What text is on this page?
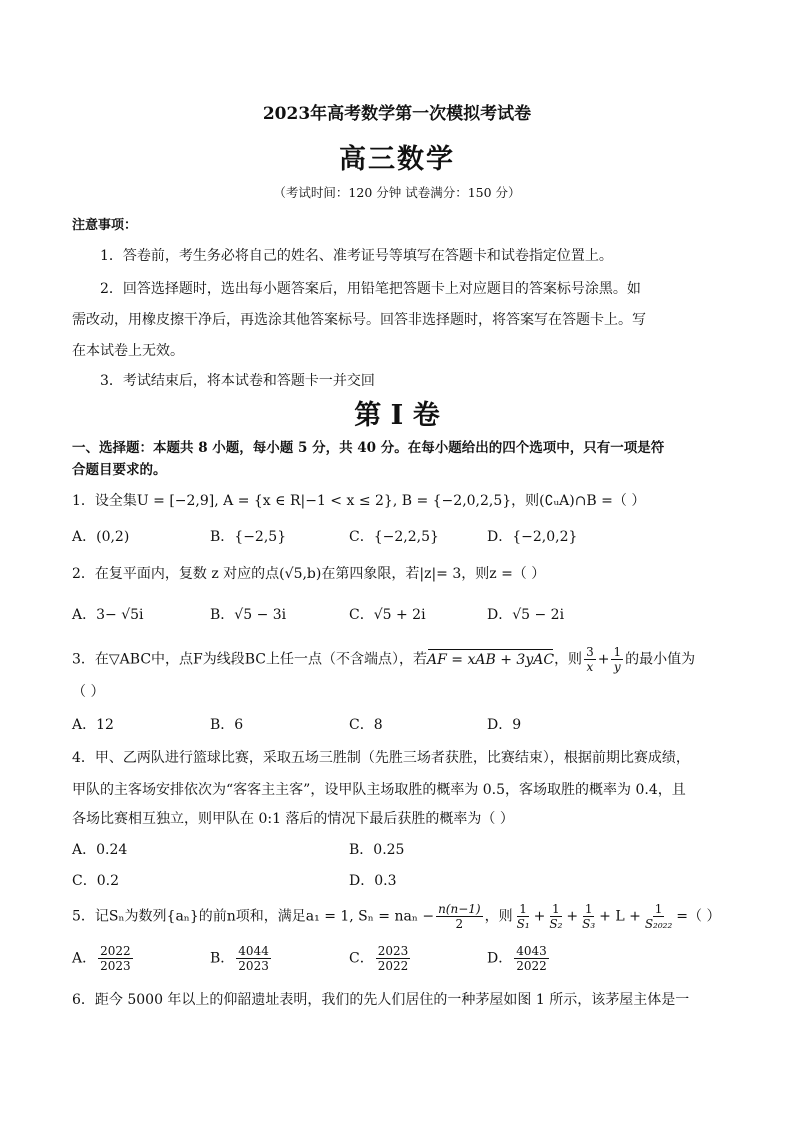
2023年高考数学第一次模拟考试卷
高三数学
（考试时间：120 分钟 试卷满分：150 分）
注意事项：
1．答卷前，考生务必将自己的姓名、准考证号等填写在答题卡和试卷指定位置上。
2．回答选择题时，选出每小题答案后，用铅笔把答题卡上对应题目的答案标号涂黑。如
需改动，用橡皮擦干净后，再选涂其他答案标号。回答非选择题时，将答案写在答题卡上。写
在本试卷上无效。
3．考试结束后，将本试卷和答题卡一并交回
第 I 卷
一、选择题：本题共 8 小题，每小题 5 分，共 40 分。在每小题给出的四个选项中，只有一项是符
合题目要求的。
1．设全集U = [−2,9], A = {x ∈ R|−1 < x ≤ 2}, B = {−2,0,2,5}，则(∁ᵤA)∩B =（ ）
A．(0,2)	B．{−2,5}	C．{−2,2,5}	D．{−2,0,2}
2．在复平面内，复数 z 对应的点(√5,b)在第四象限，若|z|= 3，则z =（ ）
A．3− √5i	B．√5 − 3i	C．√5 + 2i	D．√5 − 2i
3．在▽ABC中，点F为线段BC上任一点（不含端点），若AF = xAB + 3yAC，则 $\frac{3}{x} + \frac{1}{y}$ 的最小值为
（ ）
A．12	B．6	C．8	D．9
4．甲、乙两队进行篮球比赛，采取五场三胜制（先胜三场者获胜，比赛结束），根据前期比赛成绩，
甲队的主客场安排依次为“客客主主客”，设甲队主场取胜的概率为 0.5，客场取胜的概率为 0.4，且
各场比赛相互独立，则甲队在 0:1 落后的情况下最后获胜的概率为（ ）
A．0.24	B．0.25
C．0.2	D．0.3
5．记Sₙ为数列{aₙ}的前n项和，满足a₁ = 1, $S_n = na_n - \frac{n(n-1)}{2}$ ，则 $\frac{1}{\text{S₁}} + \frac{1}{\text{S₂}} + \frac{1}{\text{S₃}} + L + \frac{1}{\text{S₂₀₂₂}}$ =（ ）
A． $\frac{2022}{2023}$	B． $\frac{4044}{2023}$	C． $\frac{2023}{2022}$	D． $\frac{4043}{2022}$
6．距今 5000 年以上的仰韶遗址表明，我们的先人们居住的一种茅屋如图 1 所示，该茅屋主体是一
